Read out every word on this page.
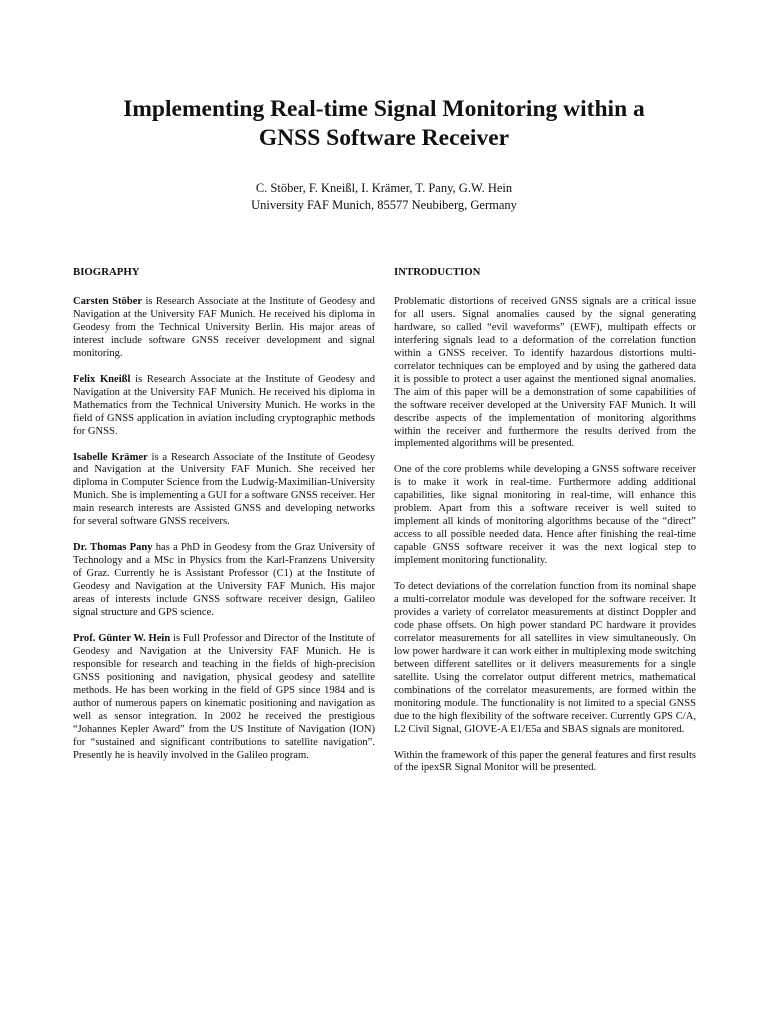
Implementing Real-time Signal Monitoring within a
GNSS Software Receiver
C. Stöber, F. Kneißl, I. Krämer, T. Pany, G.W. Hein
University FAF Munich, 85577 Neubiberg, Germany
BIOGRAPHY
Carsten Stöber is Research Associate at the Institute of Geodesy and Navigation at the University FAF Munich. He received his diploma in Geodesy from the Technical University Berlin. His major areas of interest include software GNSS receiver development and signal monitoring.
Felix Kneißl is Research Associate at the Institute of Geodesy and Navigation at the University FAF Munich. He received his diploma in Mathematics from the Technical University Munich. He works in the field of GNSS application in aviation including cryptographic methods for GNSS.
Isabelle Krämer is a Research Associate of the Institute of Geodesy and Navigation at the University FAF Munich. She received her diploma in Computer Science from the Ludwig-Maximilian-University Munich. She is implementing a GUI for a software GNSS receiver. Her main research interests are Assisted GNSS and developing networks for several software GNSS receivers.
Dr. Thomas Pany has a PhD in Geodesy from the Graz University of Technology and a MSc in Physics from the Karl-Franzens University of Graz. Currently he is Assistant Professor (C1) at the Institute of Geodesy and Navigation at the University FAF Munich. His major areas of interests include GNSS software receiver design, Galileo signal structure and GPS science.
Prof. Günter W. Hein is Full Professor and Director of the Institute of Geodesy and Navigation at the University FAF Munich. He is responsible for research and teaching in the fields of high-precision GNSS positioning and navigation, physical geodesy and satellite methods. He has been working in the field of GPS since 1984 and is author of numerous papers on kinematic positioning and navigation as well as sensor integration. In 2002 he received the prestigious “Johannes Kepler Award” from the US Institute of Navigation (ION) for “sustained and significant contributions to satellite navigation”. Presently he is heavily involved in the Galileo program.
INTRODUCTION
Problematic distortions of received GNSS signals are a critical issue for all users. Signal anomalies caused by the signal generating hardware, so called “evil waveforms” (EWF), multipath effects or interfering signals lead to a deformation of the correlation function within a GNSS receiver. To identify hazardous distortions multi-correlator techniques can be employed and by using the gathered data it is possible to protect a user against the mentioned signal anomalies. The aim of this paper will be a demonstration of some capabilities of the software receiver developed at the University FAF Munich. It will describe aspects of the implementation of monitoring algorithms within the receiver and furthermore the results derived from the implemented algorithms will be presented.
One of the core problems while developing a GNSS software receiver is to make it work in real-time. Furthermore adding additional capabilities, like signal monitoring in real-time, will enhance this problem. Apart from this a software receiver is well suited to implement all kinds of monitoring algorithms because of the “direct” access to all possible needed data. Hence after finishing the real-time capable GNSS software receiver it was the next logical step to implement monitoring functionality.
To detect deviations of the correlation function from its nominal shape a multi-correlator module was developed for the software receiver. It provides a variety of correlator measurements at distinct Doppler and code phase offsets. On high power standard PC hardware it provides correlator measurements for all satellites in view simultaneously. On low power hardware it can work either in multiplexing mode switching between different satellites or it delivers measurements for a single satellite. Using the correlator output different metrics, mathematical combinations of the correlator measurements, are formed within the monitoring module. The functionality is not limited to a special GNSS due to the high flexibility of the software receiver. Currently GPS C/A, L2 Civil Signal, GIOVE-A E1/E5a and SBAS signals are monitored.
Within the framework of this paper the general features and first results of the ipexSR Signal Monitor will be presented.
